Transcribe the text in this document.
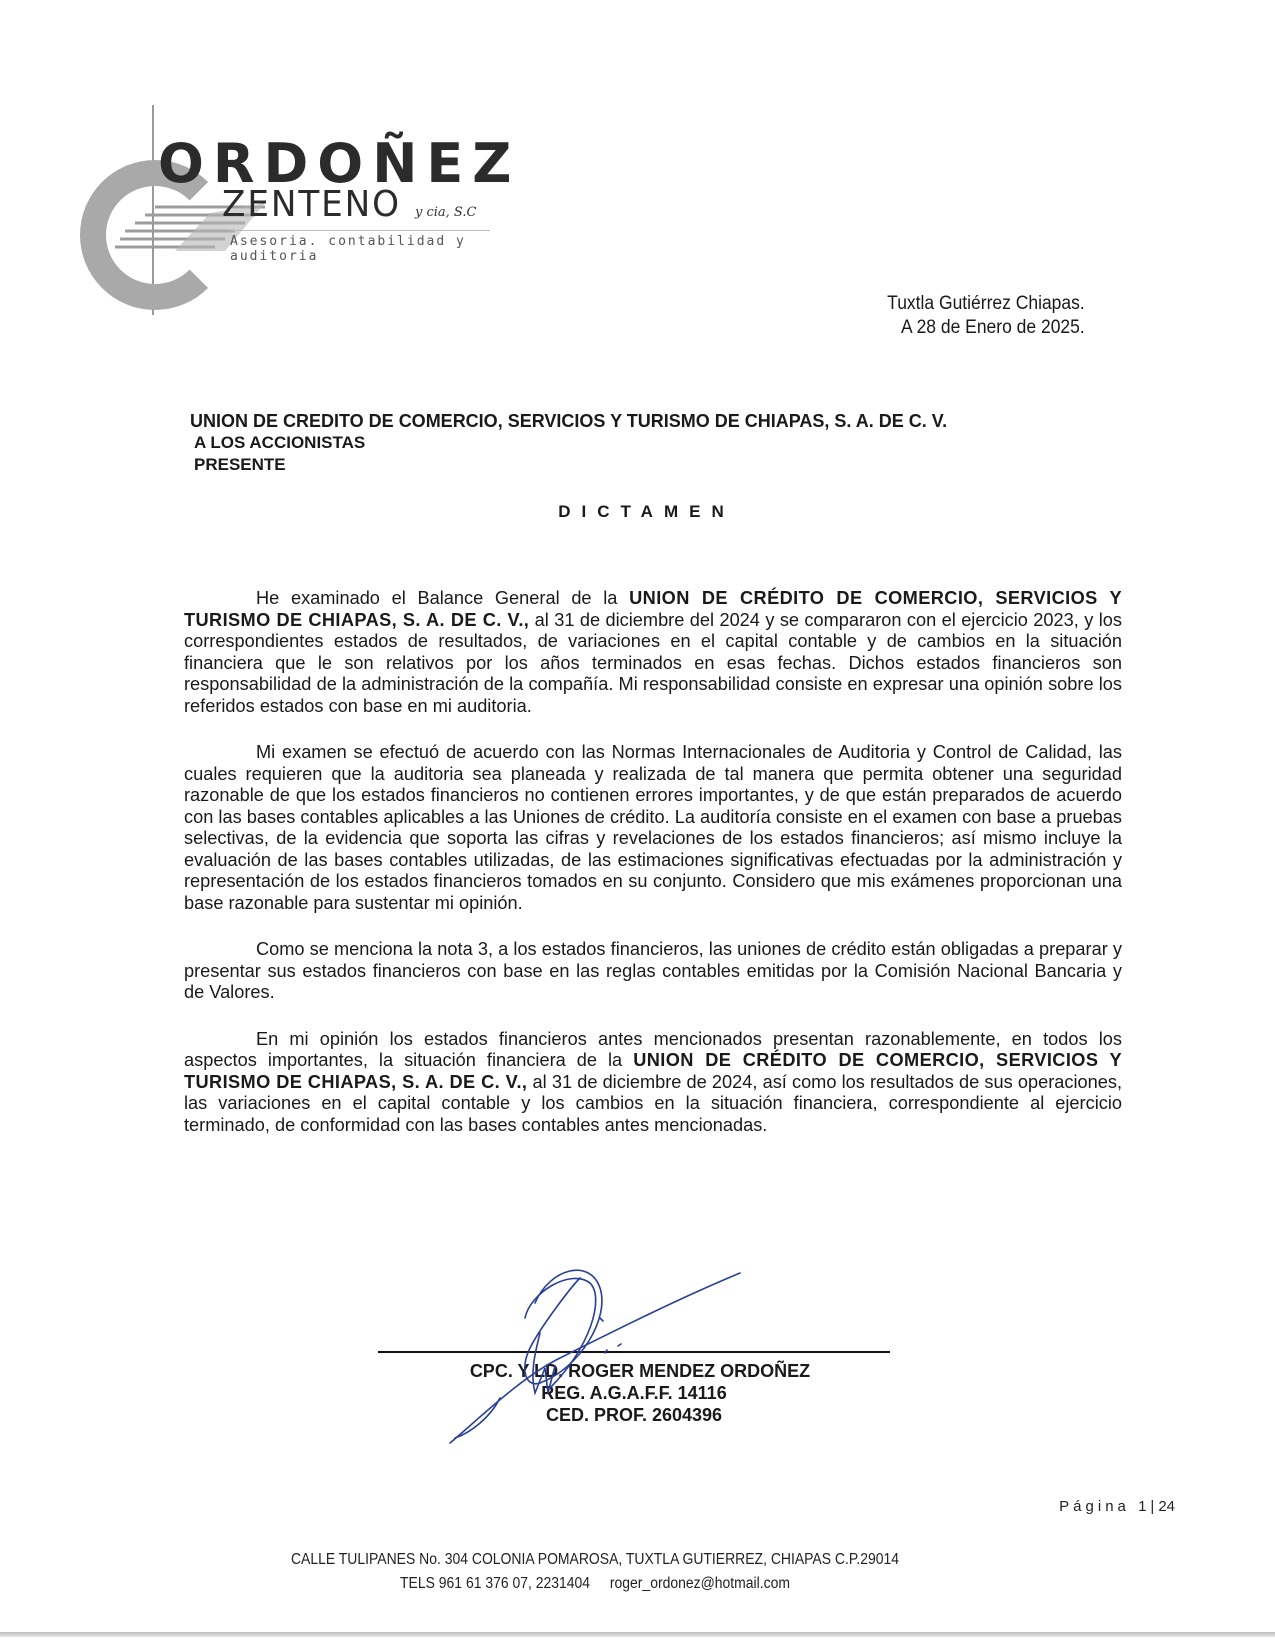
ORDOÑEZ
ZENTENO y cia, S.C
Asesoria. contabilidad y auditoria
Tuxtla Gutiérrez Chiapas.
A 28 de Enero de 2025.
UNION DE CREDITO DE COMERCIO, SERVICIOS Y TURISMO DE CHIAPAS, S. A. DE C. V.
A LOS ACCIONISTAS
PRESENTE
DICTAMEN

He examinado el Balance General de la UNION DE CRÉDITO DE COMERCIO, SERVICIOS Y TURISMO DE CHIAPAS, S. A. DE C. V., al 31 de diciembre del 2024 y se compararon con el ejercicio 2023, y los correspondientes estados de resultados, de variaciones en el capital contable y de cambios en la situación financiera que le son relativos por los años terminados en esas fechas. Dichos estados financieros son responsabilidad de la administración de la compañía. Mi responsabilidad consiste en expresar una opinión sobre los referidos estados con base en mi auditoria.

Mi examen se efectuó de acuerdo con las Normas Internacionales de Auditoria y Control de Calidad, las cuales requieren que la auditoria sea planeada y realizada de tal manera que permita obtener una seguridad razonable de que los estados financieros no contienen errores importantes, y de que están preparados de acuerdo con las bases contables aplicables a las Uniones de crédito. La auditoría consiste en el examen con base a pruebas selectivas, de la evidencia que soporta las cifras y revelaciones de los estados financieros; así mismo incluye la evaluación de las bases contables utilizadas, de las estimaciones significativas efectuadas por la administración y representación de los estados financieros tomados en su conjunto. Considero que mis exámenes proporcionan una base razonable para sustentar mi opinión.

Como se menciona la nota 3, a los estados financieros, las uniones de crédito están obligadas a preparar y presentar sus estados financieros con base en las reglas contables emitidas por la Comisión Nacional Bancaria y de Valores.

En mi opinión los estados financieros antes mencionados presentan razonablemente, en todos los aspectos importantes, la situación financiera de la UNION DE CRÉDITO DE COMERCIO, SERVICIOS Y TURISMO DE CHIAPAS, S. A. DE C. V., al 31 de diciembre de 2024, así como los resultados de sus operaciones, las variaciones en el capital contable y los cambios en la situación financiera, correspondiente al ejercicio terminado, de conformidad con las bases contables antes mencionadas.

CPC. Y LD. ROGER MENDEZ ORDOÑEZ
REG. A.G.A.F.F. 14116
CED. PROF. 2604396
Página 1|24
CALLE TULIPANES No. 304 COLONIA POMAROSA, TUXTLA GUTIERREZ, CHIAPAS C.P.29014
TELS 961 61 376 07, 2231404 roger_ordonez@hotmail.com
